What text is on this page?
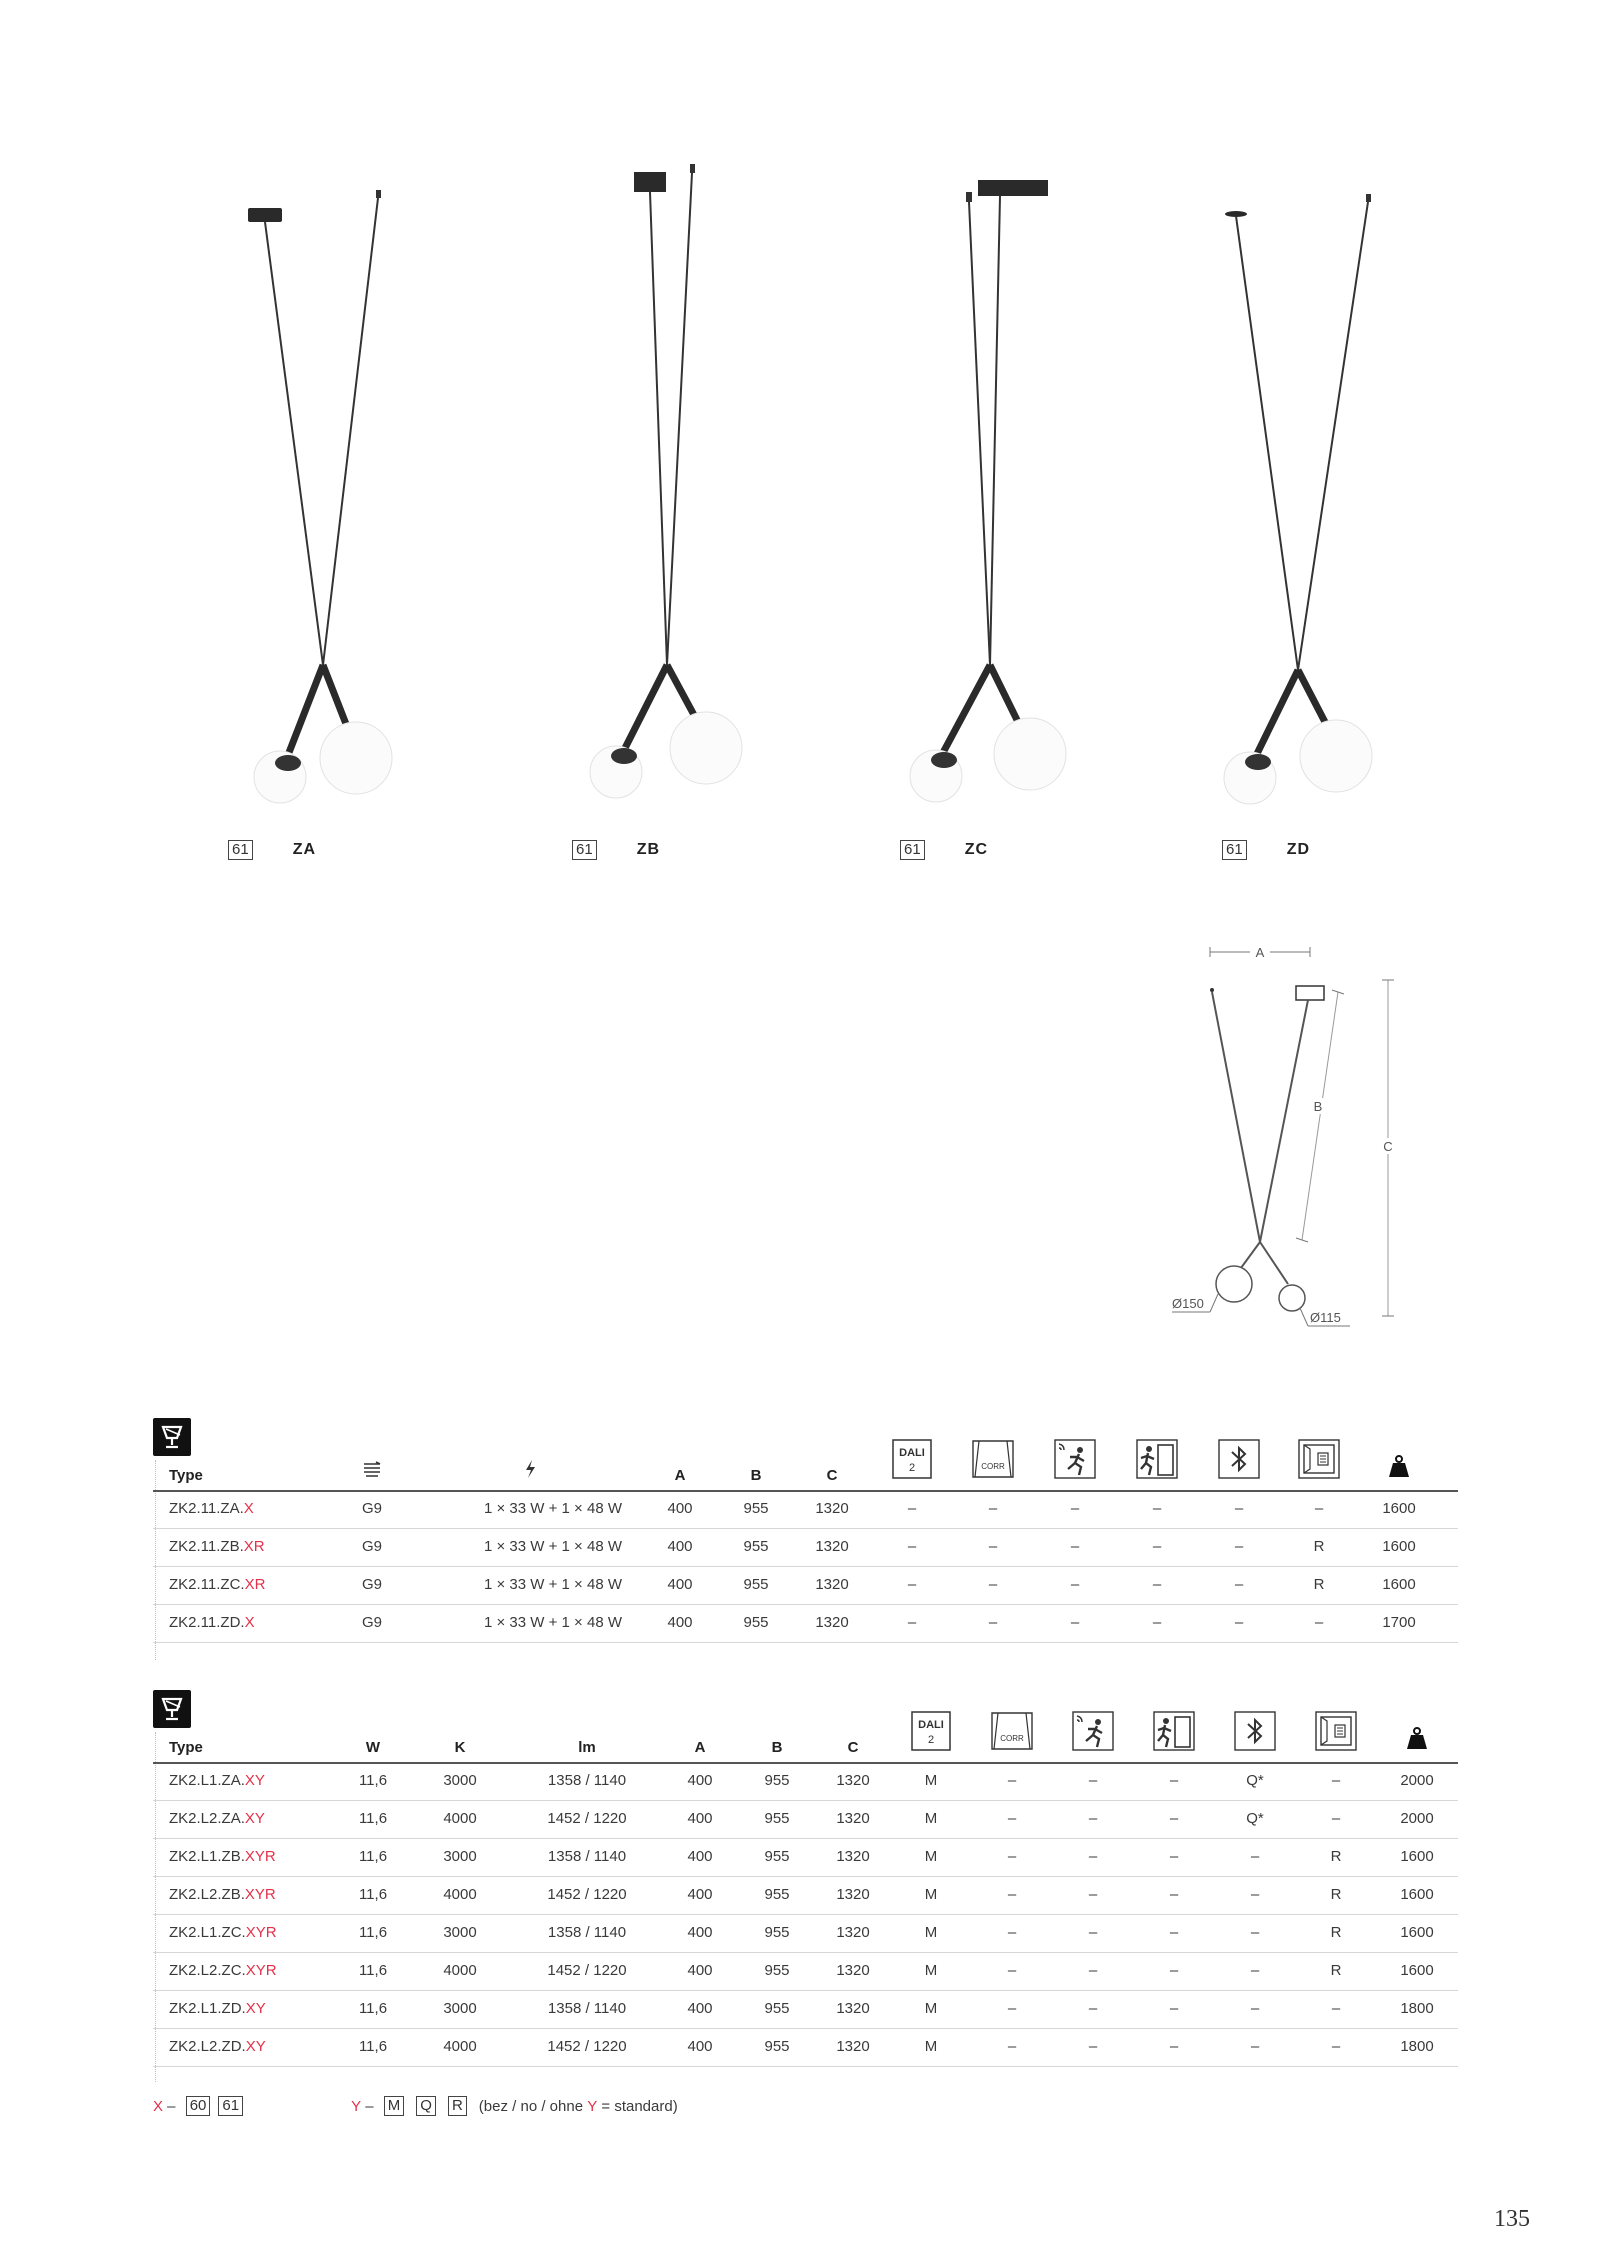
61	ZA	61	ZB	61	ZC	61	ZD
A
B
C
Ø150
Ø115
Type	A	B	C
DALI
2	CORR
ZK2.11.ZA.X	G9	1 × 33 W + 1 × 48 W	400	955	1320	–	–	–	–	–	–	1600
ZK2.11.ZB.XR	G9	1 × 33 W + 1 × 48 W	400	955	1320	–	–	–	–	–	R	1600
ZK2.11.ZC.XR	G9	1 × 33 W + 1 × 48 W	400	955	1320	–	–	–	–	–	R	1600
ZK2.11.ZD.X	G9	1 × 33 W + 1 × 48 W	400	955	1320	–	–	–	–	–	–	1700
Type	W	K	lm	A	B	C
DALI
2	CORR
ZK2.L1.ZA.XY	11,6	3000	1358 / 1140	400	955	1320	M	–	–	–	Q*	–	2000
ZK2.L2.ZA.XY	11,6	4000	1452 / 1220	400	955	1320	M	–	–	–	Q*	–	2000
ZK2.L1.ZB.XYR	11,6	3000	1358 / 1140	400	955	1320	M	–	–	–	–	R	1600
ZK2.L2.ZB.XYR	11,6	4000	1452 / 1220	400	955	1320	M	–	–	–	–	R	1600
ZK2.L1.ZC.XYR	11,6	3000	1358 / 1140	400	955	1320	M	–	–	–	–	R	1600
ZK2.L2.ZC.XYR	11,6	4000	1452 / 1220	400	955	1320	M	–	–	–	–	R	1600
ZK2.L1.ZD.XY	11,6	3000	1358 / 1140	400	955	1320	M	–	–	–	–	–	1800
ZK2.L2.ZD.XY	11,6	4000	1452 / 1220	400	955	1320	M	–	–	–	–	–	1800
X – 60 61	Y – M Q R (bez / no / ohne Y = standard)
135
